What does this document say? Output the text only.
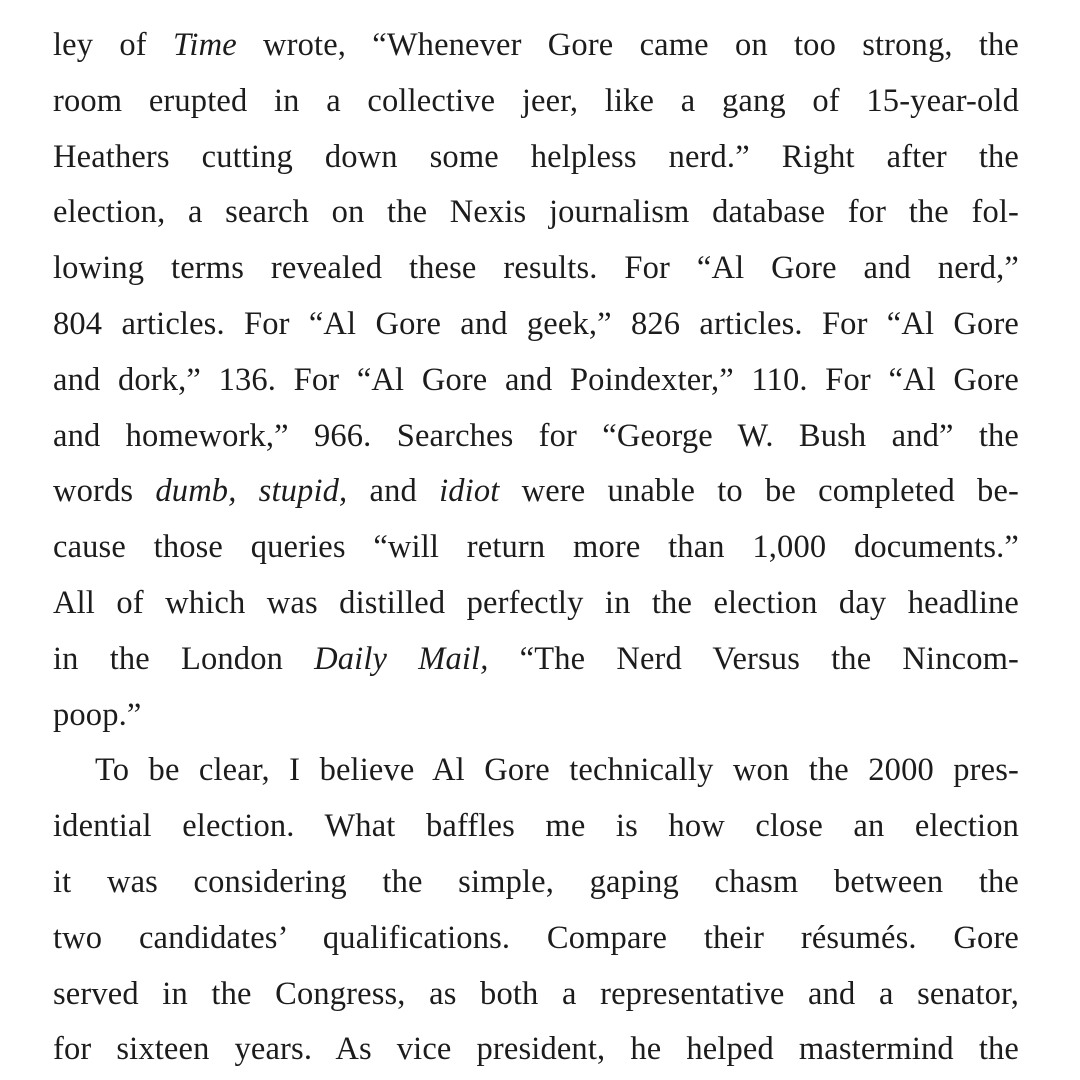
ley of Time wrote, “Whenever Gore came on too strong, the
room erupted in a collective jeer, like a gang of 15-year-old
Heathers cutting down some helpless nerd.” Right after the
election, a search on the Nexis journalism database for the fol-
lowing terms revealed these results. For “Al Gore and nerd,”
804 articles. For “Al Gore and geek,” 826 articles. For “Al Gore
and dork,” 136. For “Al Gore and Poindexter,” 110. For “Al Gore
and homework,” 966. Searches for “George W. Bush and” the
words dumb, stupid, and idiot were unable to be completed be-
cause those queries “will return more than 1,000 documents.”
All of which was distilled perfectly in the election day headline
in the London Daily Mail, “The Nerd Versus the Nincom-
poop.”
To be clear, I believe Al Gore technically won the 2000 pres-
idential election. What baffles me is how close an election
it was considering the simple, gaping chasm between the
two candidates’ qualifications. Compare their résumés. Gore
served in the Congress, as both a representative and a senator,
for sixteen years. As vice president, he helped mastermind the
